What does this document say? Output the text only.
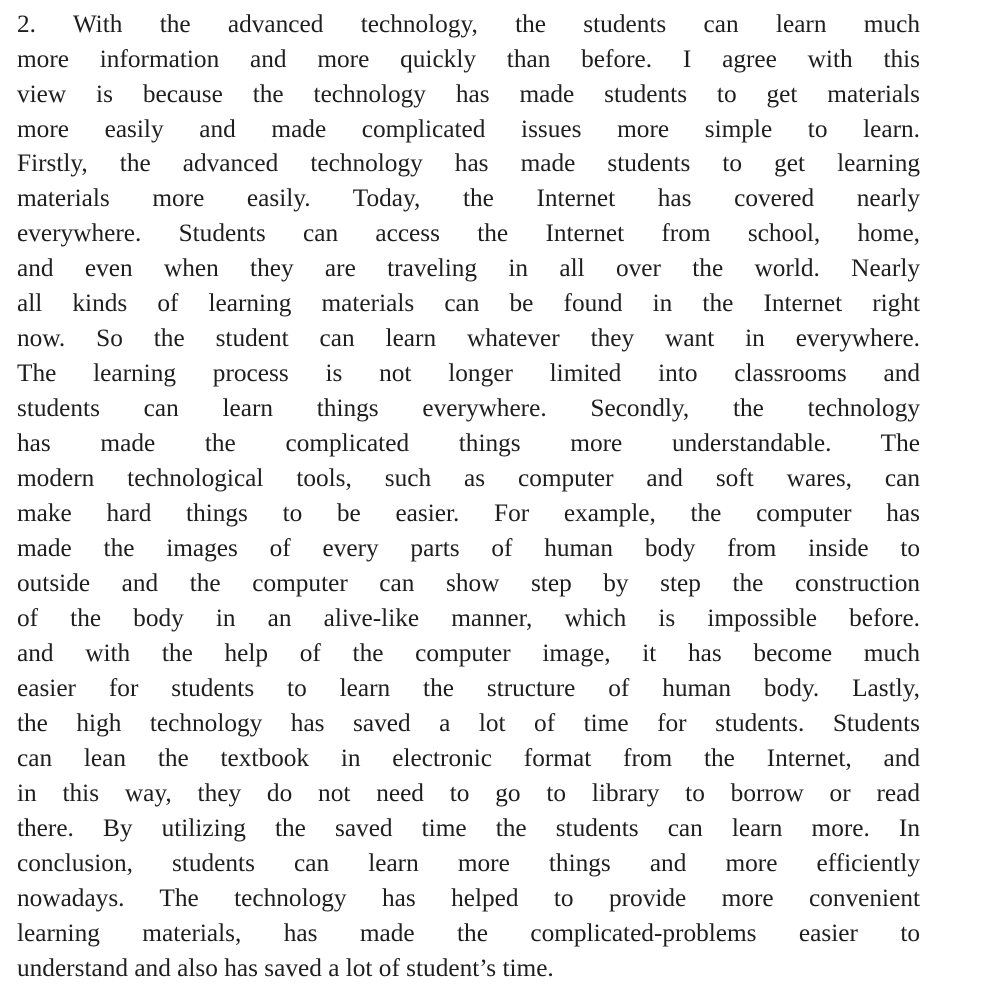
2. With the advanced technology, the students can learn much
more information and more quickly than before. I agree with this
view is because the technology has made students to get materials
more easily and made complicated issues more simple to learn.
Firstly, the advanced technology has made students to get learning
materials more easily. Today, the Internet has covered nearly
everywhere. Students can access the Internet from school, home,
and even when they are traveling in all over the world. Nearly
all kinds of learning materials can be found in the Internet right
now. So the student can learn whatever they want in everywhere.
The learning process is not longer limited into classrooms and
students can learn things everywhere. Secondly, the technology
has made the complicated things more understandable. The
modern technological tools, such as computer and soft wares, can
make hard things to be easier. For example, the computer has
made the images of every parts of human body from inside to
outside and the computer can show step by step the construction
of the body in an alive-like manner, which is impossible before.
and with the help of the computer image, it has become much
easier for students to learn the structure of human body. Lastly,
the high technology has saved a lot of time for students. Students
can lean the textbook in electronic format from the Internet, and
in this way, they do not need to go to library to borrow or read
there. By utilizing the saved time the students can learn more. In
conclusion, students can learn more things and more efficiently
nowadays. The technology has helped to provide more convenient
learning materials, has made the complicated-problems easier to
understand and also has saved a lot of student’s time.
